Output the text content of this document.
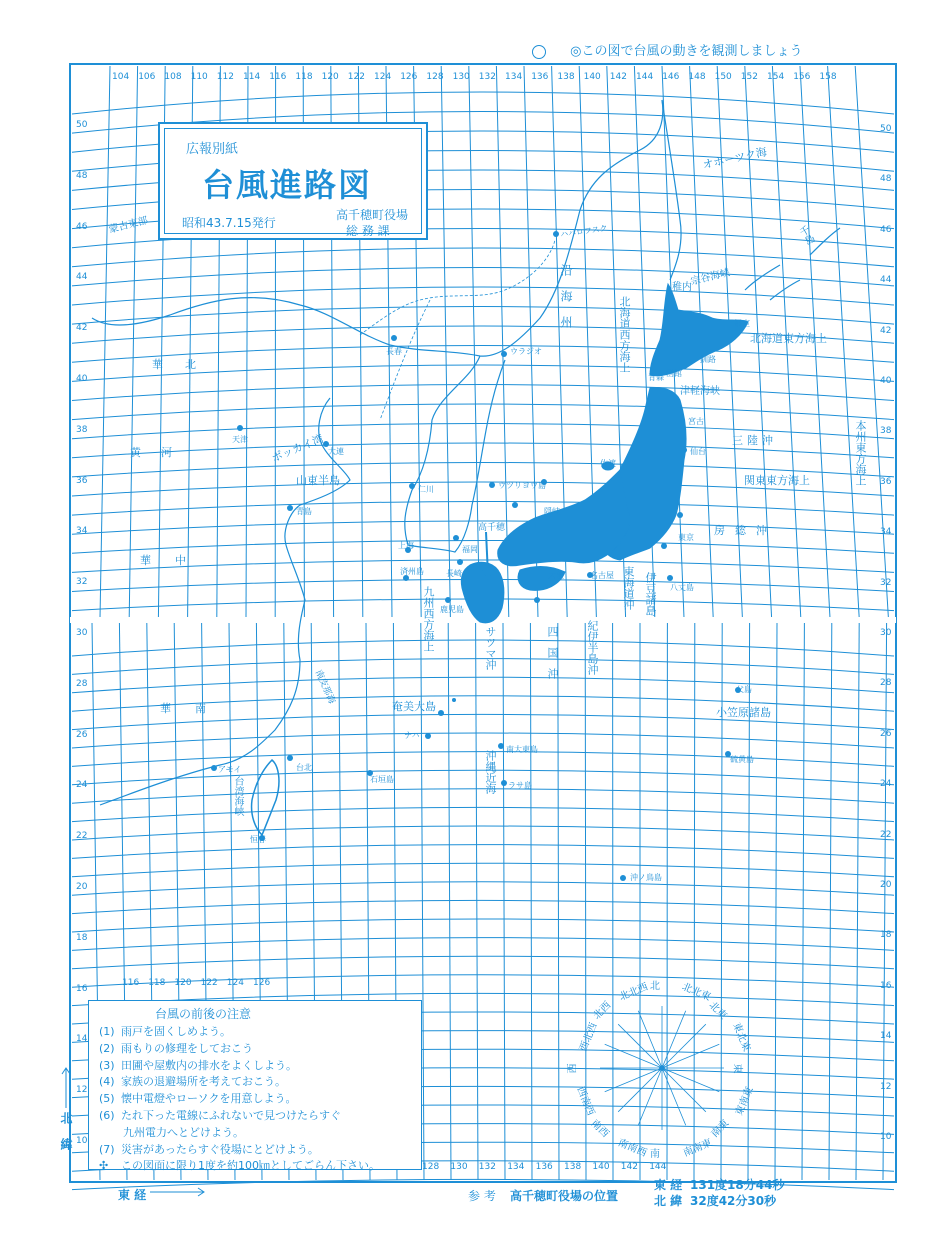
◎この図で台風の動きを観測しましょう
広報別紙
台風進路図
昭和43.7.15発行
高千穂町役場
総 務 課
104 106 108 110 112 114 116 118 120 122 124 126 128 130 132 134 136 138 140 142 144 146 148 150 152 154 156 158
116 118 120 122 124 126
128 130 132 134 136 138 140 142 144
50
48
46
44
42
40
38
36
34
32
30
28
26
24
22
20
18
16
14
12
10
50
48
46
44
42
40
38
36
34
32
30
28
26
24
22
20
18
16
14
12
10
オホーツク海
ハバロフスク
沿海州
ウラジオ
長春
蒙古東部
華北
黄河
天津 ボッカイ湾 大連
山東半島
青島
華中
華南
仁川	ウツリヨウ島
上海
済州島	長崎
高千穂
福岡
鹿児島
隠岐
大阪	名古屋
佐渡
東京
仙台
宮古
青森 函館
根室
稚内
宗谷海峡
北海道西方海上	北海道東方海上
釧路
津軽海峡
三陸沖
関東東方海上	本州東方海上
房総沖
東海道沖 伊豆諸島 八丈島
九州西方海上	サツマ沖	四国沖 紀伊半島沖
奄美大島
ナハ
沖縄近海
南大東島
ラサ島
石垣島
台北
アモイ
台湾海峡
恒春
南支那海
小笠原諸島
父島
硫黄島
沖ノ鳥島
千島
台風の前後の注意
(1) 雨戸を固くしめよう。
(2) 雨もりの修理をしておこう
(3) 田圃や屋敷内の排水をよくしよう。
(4) 家族の退避場所を考えておこう。
(5) 懐中電燈やローソクを用意しよう。
(6) たれ下った電線にふれないで見つけたらすぐ
九州電力へとどけよう。
(7) 災害があったらすぐ役場にとどけよう。
✣ この図面に限り1度を約100㎞としてごらん下さい。
北 北北東
北東
東北東
東
東南東
南東
南南東
南
南南西
南西
西南西
西
西北西
北西
北北西
東 経
北 緯
参 考 高千穂町役場の位置
東 経 131度18分44秒
北 緯 32度42分30秒
